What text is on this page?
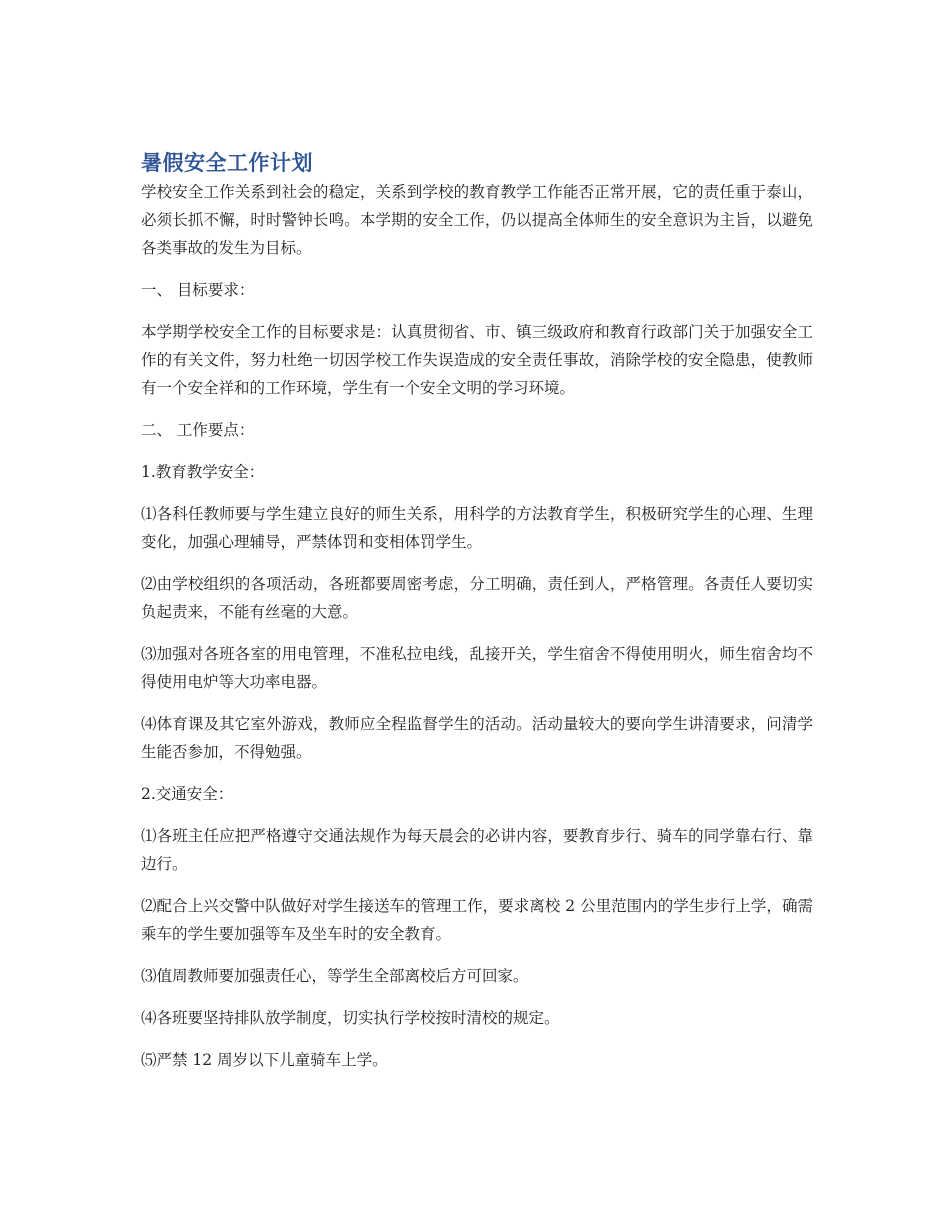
暑假安全工作计划

学校安全工作关系到社会的稳定，关系到学校的教育教学工作能否正常开展，它的责任重于泰山，必须长抓不懈，时时警钟长鸣。本学期的安全工作，仍以提高全体师生的安全意识为主旨，以避免各类事故的发生为目标。

一、 目标要求：

本学期学校安全工作的目标要求是：认真贯彻省、市、镇三级政府和教育行政部门关于加强安全工作的有关文件，努力杜绝一切因学校工作失误造成的安全责任事故，消除学校的安全隐患，使教师有一个安全祥和的工作环境，学生有一个安全文明的学习环境。

二、 工作要点：

1.教育教学安全：

⑴各科任教师要与学生建立良好的师生关系，用科学的方法教育学生，积极研究学生的心理、生理变化，加强心理辅导，严禁体罚和变相体罚学生。

⑵由学校组织的各项活动，各班都要周密考虑，分工明确，责任到人，严格管理。各责任人要切实负起责来，不能有丝毫的大意。

⑶加强对各班各室的用电管理，不准私拉电线，乱接开关，学生宿舍不得使用明火，师生宿舍均不得使用电炉等大功率电器。

⑷体育课及其它室外游戏，教师应全程监督学生的活动。活动量较大的要向学生讲清要求，问清学生能否参加，不得勉强。

2.交通安全：

⑴各班主任应把严格遵守交通法规作为每天晨会的必讲内容，要教育步行、骑车的同学靠右行、靠边行。

⑵配合上兴交警中队做好对学生接送车的管理工作，要求离校 2 公里范围内的学生步行上学，确需乘车的学生要加强等车及坐车时的安全教育。

⑶值周教师要加强责任心，等学生全部离校后方可回家。

⑷各班要坚持排队放学制度，切实执行学校按时清校的规定。

⑸严禁 12 周岁以下儿童骑车上学。
